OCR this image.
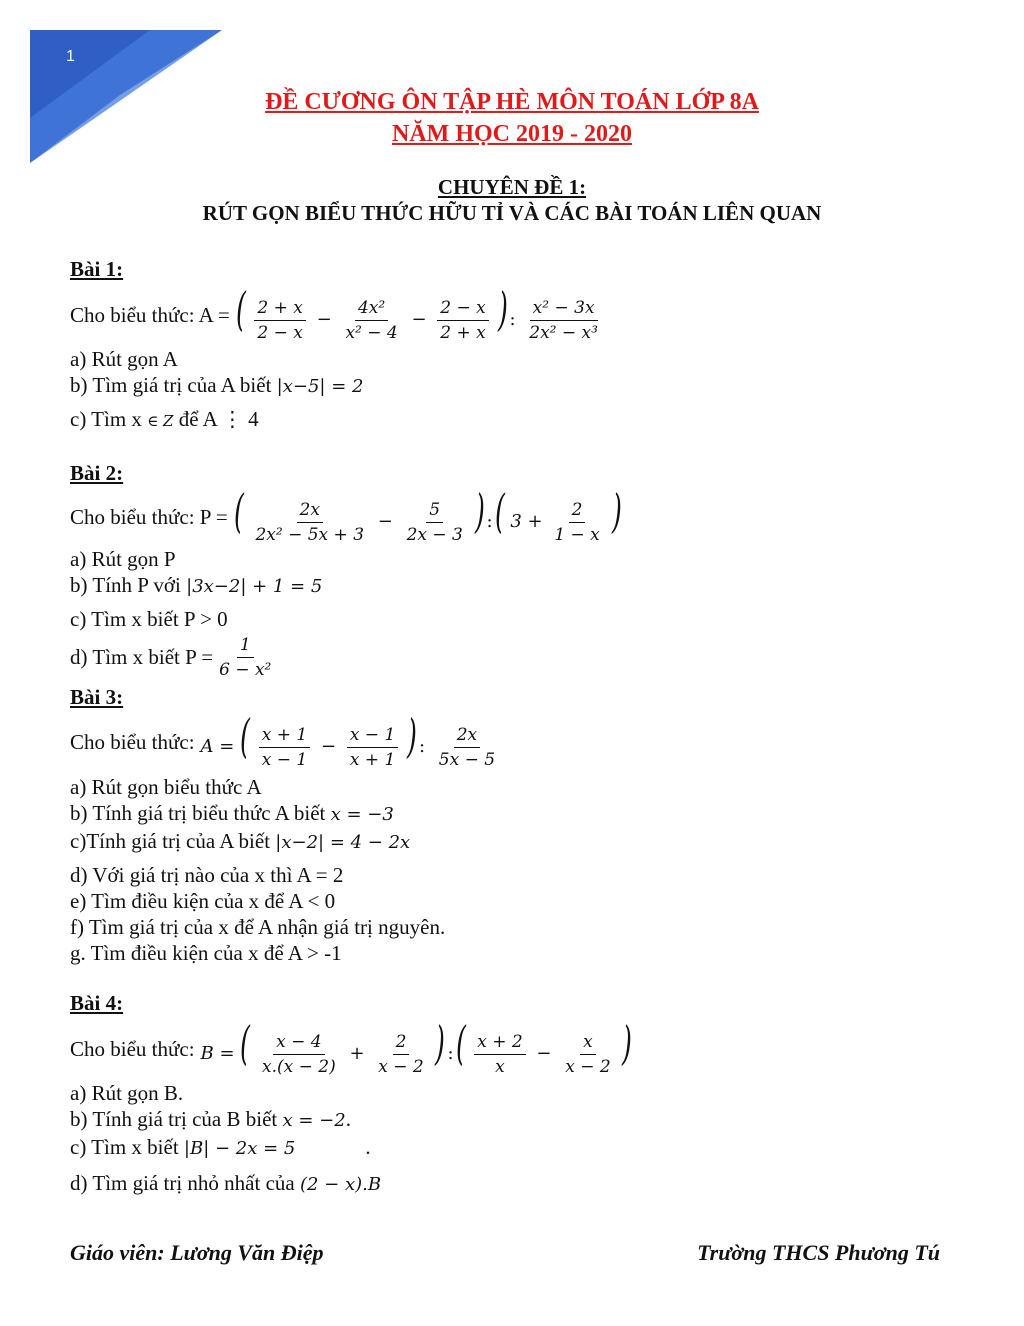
1
ĐỀ CƯƠNG ÔN TẬP HÈ MÔN TOÁN LỚP 8A
NĂM HỌC 2019 - 2020
CHUYÊN ĐỀ 1:
RÚT GỌN BIỂU THỨC HỮU TỈ VÀ CÁC BÀI TOÁN LIÊN QUAN
Bài 1:
Cho biểu thức: A = ( $\frac{2 + x}{2 - x} - \frac{\text{4x²}}{\text{x² − 4}} - \frac{2 - x}{2 + x}$ ) : $\frac{\text{x² − 3x}}{\text{2x² − x³}}$
a) Rút gọn A
b) Tìm giá trị của A biết |x−5| = 2
c) Tìm x ∈ Z để A ⋮ 4
Bài 2:
Cho biểu thức: P = ( $\frac{2x}{\text{2x² − 5x + 3}} - \frac{5}{2x - 3}$ ) :( $3 + \frac{2}{1 - x}$ )
a) Rút gọn P
b) Tính P với |3x−2| + 1 = 5
c) Tìm x biết P > 0
d) Tìm x biết $P = \frac{1}{\text{6 − x²}}$
Bài 3:
Cho biểu thức: A = ( $\frac{x + 1}{x - 1} - \frac{x - 1}{x + 1}$ ) : $\frac{2x}{5x - 5}$
a) Rút gọn biểu thức A
b) Tính giá trị biểu thức A biết x = −3
c)Tính giá trị của A biết |x−2| = 4 − 2x
d) Với giá trị nào của x thì A = 2
e) Tìm điều kiện của x để A < 0
f) Tìm giá trị của x để A nhận giá trị nguyên.
g. Tìm điều kiện của x để A > -1
Bài 4:
Cho biểu thức: B = ( $\frac{x - 4}{x.(x - 2)} + \frac{2}{x - 2}$ ) :( $\frac{x + 2}{x} - \frac{x}{x - 2}$ )
a) Rút gọn B.
b) Tính giá trị của B biết x = −2.
c) Tìm x biết |B| − 2x = 5	.
d) Tìm giá trị nhỏ nhất của (2 − x).B
Giáo viên: Lương Văn Điệp	Trường THCS Phương Tú
